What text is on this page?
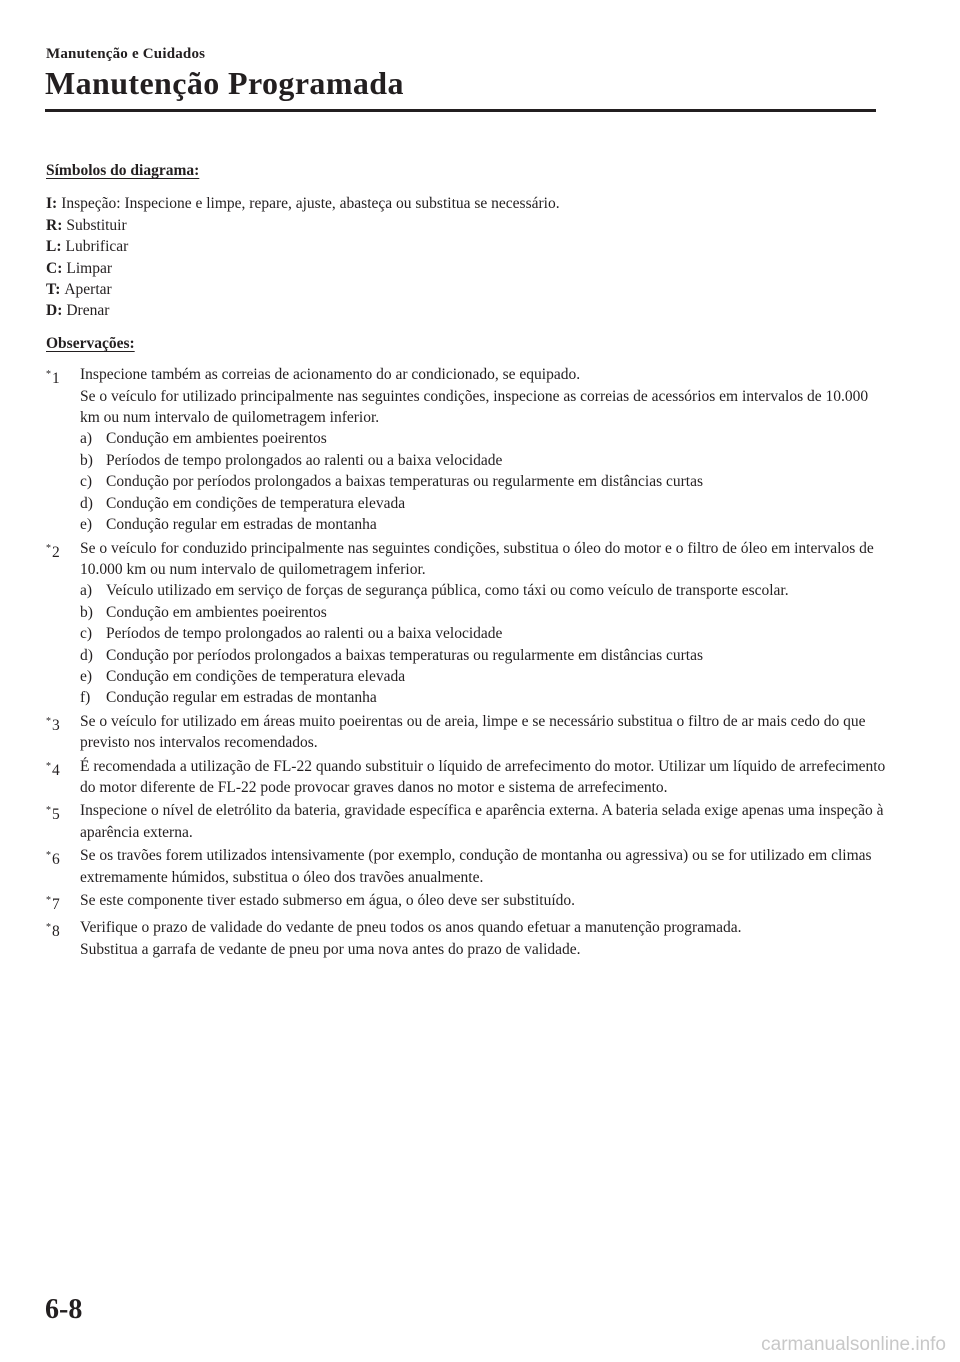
Manutenção e Cuidados
Manutenção Programada
Símbolos do diagrama:
I: Inspeção: Inspecione e limpe, repare, ajuste, abasteça ou substitua se necessário.
R: Substituir
L: Lubrificar
C: Limpar
T: Apertar
D: Drenar
Observações:
*1	Inspecione também as correias de acionamento do ar condicionado, se equipado.
Se o veículo for utilizado principalmente nas seguintes condições, inspecione as correias de acessórios em intervalos de 10.000 km ou num intervalo de quilometragem inferior.
a) Condução em ambientes poeirentos
b) Períodos de tempo prolongados ao ralenti ou a baixa velocidade
c) Condução por períodos prolongados a baixas temperaturas ou regularmente em distâncias curtas
d) Condução em condições de temperatura elevada
e) Condução regular em estradas de montanha
*2	Se o veículo for conduzido principalmente nas seguintes condições, substitua o óleo do motor e o filtro de óleo em intervalos de 10.000 km ou num intervalo de quilometragem inferior.
a) Veículo utilizado em serviço de forças de segurança pública, como táxi ou como veículo de transporte escolar.
b) Condução em ambientes poeirentos
c) Períodos de tempo prolongados ao ralenti ou a baixa velocidade
d) Condução por períodos prolongados a baixas temperaturas ou regularmente em distâncias curtas
e) Condução em condições de temperatura elevada
f)	Condução regular em estradas de montanha
*3	Se o veículo for utilizado em áreas muito poeirentas ou de areia, limpe e se necessário substitua o filtro de ar mais cedo do que previsto nos intervalos recomendados.
*4	É recomendada a utilização de FL-22 quando substituir o líquido de arrefecimento do motor. Utilizar um líquido de arrefecimento do motor diferente de FL-22 pode provocar graves danos no motor e sistema de arrefecimento.
*5	Inspecione o nível de eletrólito da bateria, gravidade específica e aparência externa. A bateria selada exige apenas uma inspeção à aparência externa.
*6	Se os travões forem utilizados intensivamente (por exemplo, condução de montanha ou agressiva) ou se for utilizado em climas extremamente húmidos, substitua o óleo dos travões anualmente.
*7	Se este componente tiver estado submerso em água, o óleo deve ser substituído.
*8	Verifique o prazo de validade do vedante de pneu todos os anos quando efetuar a manutenção programada.
Substitua a garrafa de vedante de pneu por uma nova antes do prazo de validade.
6-8
carmanualsonline.info
